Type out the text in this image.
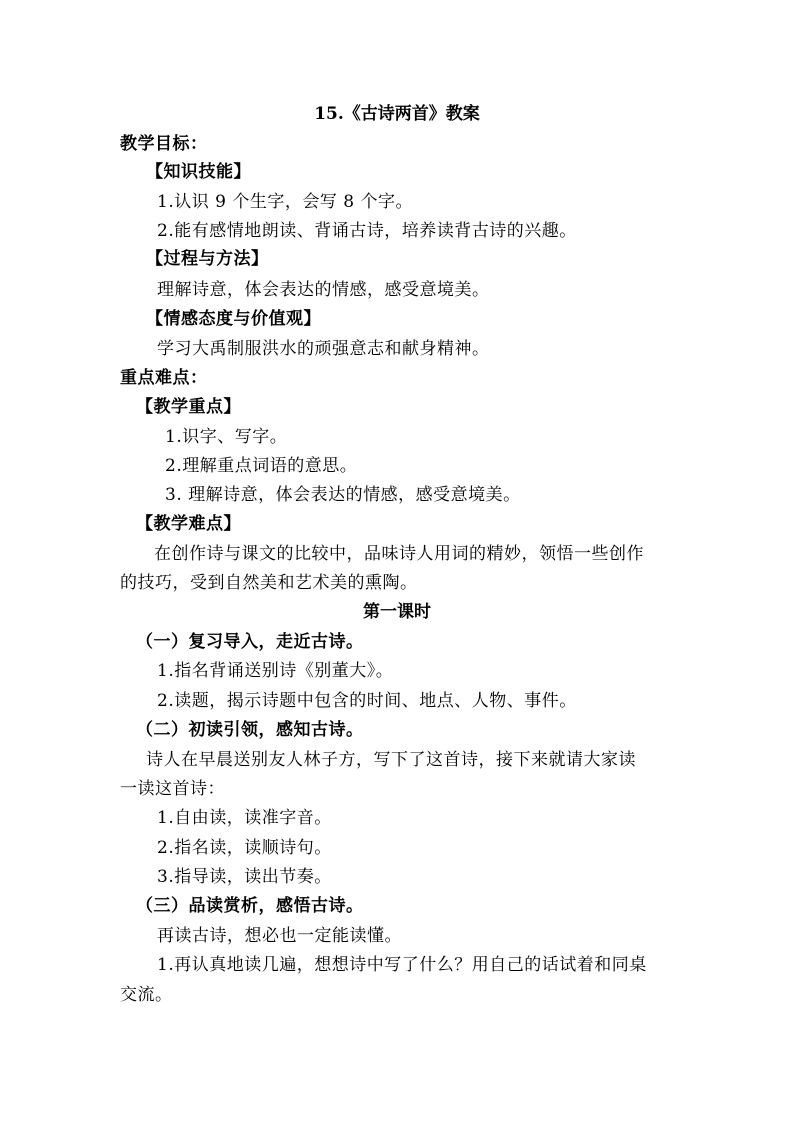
15.《古诗两首》教案
教学目标：
【知识技能】
1.认识 9 个生字，会写 8 个字。
2.能有感情地朗读、背诵古诗，培养读背古诗的兴趣。
【过程与方法】
理解诗意，体会表达的情感，感受意境美。
【情感态度与价值观】
学习大禹制服洪水的顽强意志和献身精神。
重点难点：
【教学重点】
1.识字、写字。
2.理解重点词语的意思。
3. 理解诗意，体会表达的情感，感受意境美。
【教学难点】
在创作诗与课文的比较中，品味诗人用词的精妙，领悟一些创作
的技巧，受到自然美和艺术美的熏陶。
第一课时
（一）复习导入，走近古诗。
1.指名背诵送别诗《别董大》。
2.读题，揭示诗题中包含的时间、地点、人物、事件。
（二）初读引领，感知古诗。
诗人在早晨送别友人林子方，写下了这首诗，接下来就请大家读
一读这首诗：
1.自由读，读准字音。
2.指名读，读顺诗句。
3.指导读，读出节奏。
（三）品读赏析，感悟古诗。
再读古诗，想必也一定能读懂。
1.再认真地读几遍，想想诗中写了什么？用自己的话试着和同桌
交流。
